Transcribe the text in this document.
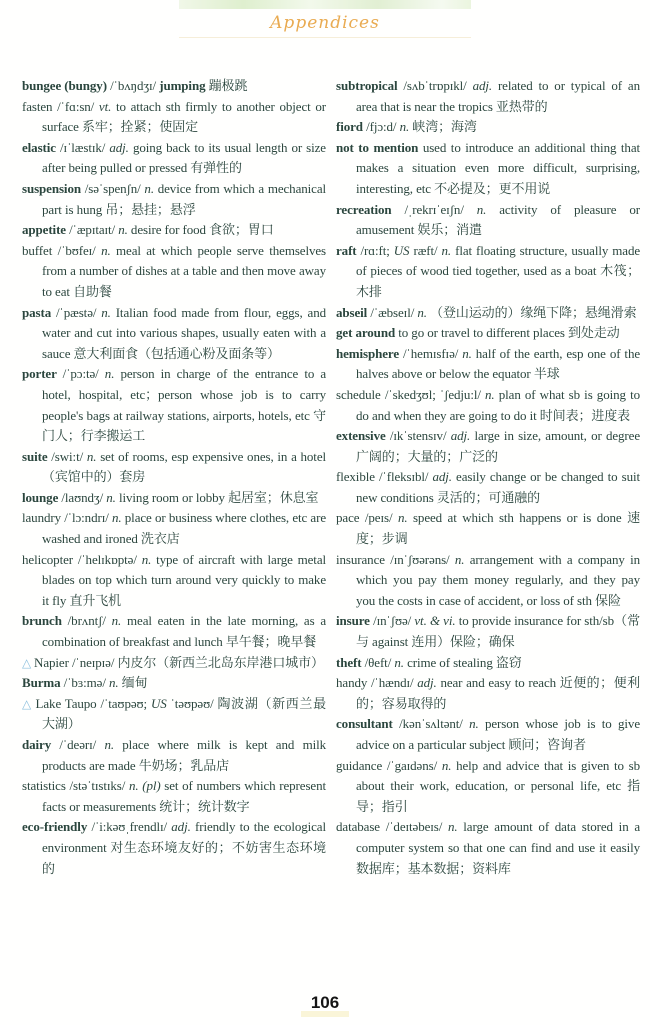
Appendices

bungee (bungy) /ˈbʌŋdʒɪ/ jumping 蹦极跳

fasten /ˈfɑ:sn/ vt. to attach sth firmly to another object or surface 系牢；拴紧；使固定

elastic /ɪˈlæstɪk/ adj. going back to its usual length or size after being pulled or pressed 有弹性的

suspension /səˈspenʃn/ n. device from which a mechanical part is hung 吊；悬挂；悬浮

appetite /ˈæpɪtaɪt/ n. desire for food 食欲；胃口

buffet /ˈbʊfeɪ/ n. meal at which people serve themselves from a number of dishes at a table and then move away to eat 自助餐

pasta /ˈpæstə/ n. Italian food made from flour, eggs, and water and cut into various shapes, usually eaten with a sauce 意大利面食（包括通心粉及面条等）

porter /ˈpɔ:tə/ n. person in charge of the entrance to a hotel, hospital, etc；person whose job is to carry people's bags at railway stations, airports, hotels, etc 守门人；行李搬运工

suite /swi:t/ n. set of rooms, esp expensive ones, in a hotel （宾馆中的）套房

lounge /laʊndʒ/ n. living room or lobby 起居室；休息室

laundry /ˈlɔ:ndrɪ/ n. place or business where clothes, etc are washed and ironed 洗衣店

helicopter /ˈhelɪkɒptə/ n. type of aircraft with large metal blades on top which turn around very quickly to make it fly 直升飞机

brunch /brʌntʃ/ n. meal eaten in the late morning, as a combination of breakfast and lunch 早午餐；晚早餐

△ Napier /ˈneɪpɪə/ 内皮尔（新西兰北岛东岸港口城市）

Burma /ˈbɜ:mə/ n. 缅甸

△ Lake Taupo /ˈtaʊpəʊ; US ˈtəʊpəʊ/ 陶波湖（新西兰最大湖）

dairy /ˈdeərɪ/ n. place where milk is kept and milk products are made 牛奶场；乳品店

statistics /stəˈtɪstɪks/ n. (pl) set of numbers which represent facts or measurements 统计；统计数字

eco-friendly /ˈi:kəʊˌfrendlɪ/ adj. friendly to the ecological environment 对生态环境友好的；不妨害生态环境的

subtropical /sʌbˈtrɒpɪkl/ adj. related to or typical of an area that is near the tropics 亚热带的

fiord /fjɔ:d/ n. 峡湾；海湾

not to mention used to introduce an additional thing that makes a situation even more difficult, surprising, interesting, etc 不必提及；更不用说

recreation /ˌrekrɪˈeɪʃn/ n. activity of pleasure or amusement 娱乐；消遣

raft /rɑ:ft; US ræft/ n. flat floating structure, usually made of pieces of wood tied together, used as a boat 木筏；木排

abseil /ˈæbseɪl/ n. （登山运动的）缘绳下降；悬绳滑索

get around to go or travel to different places 到处走动

hemisphere /ˈhemɪsfɪə/ n. half of the earth, esp one of the halves above or below the equator 半球

schedule /ˈskedʒʊl; ˈʃedju:l/ n. plan of what sb is going to do and when they are going to do it 时间表；进度表

extensive /ɪkˈstensɪv/ adj. large in size, amount, or degree 广阔的；大量的；广泛的

flexible /ˈfleksɪbl/ adj. easily change or be changed to suit new conditions 灵活的；可通融的

pace /peɪs/ n. speed at which sth happens or is done 速度；步调

insurance /ɪnˈʃʊərəns/ n. arrangement with a company in which you pay them money regularly, and they pay you the costs in case of accident, or loss of sth 保险

insure /ɪnˈʃʊə/ vt. & vi. to provide insurance for sth/sb（常与 against 连用）保险；确保

theft /θeft/ n. crime of stealing 盗窃

handy /ˈhændɪ/ adj. near and easy to reach 近便的；便利的；容易取得的

consultant /kənˈsʌltənt/ n. person whose job is to give advice on a particular subject 顾问；咨询者

guidance /ˈgaɪdəns/ n. help and advice that is given to sb about their work, education, or personal life, etc 指导；指引

database /ˈdeɪtəbeɪs/ n. large amount of data stored in a computer system so that one can find and use it easily 数据库；基本数据；资料库

106
